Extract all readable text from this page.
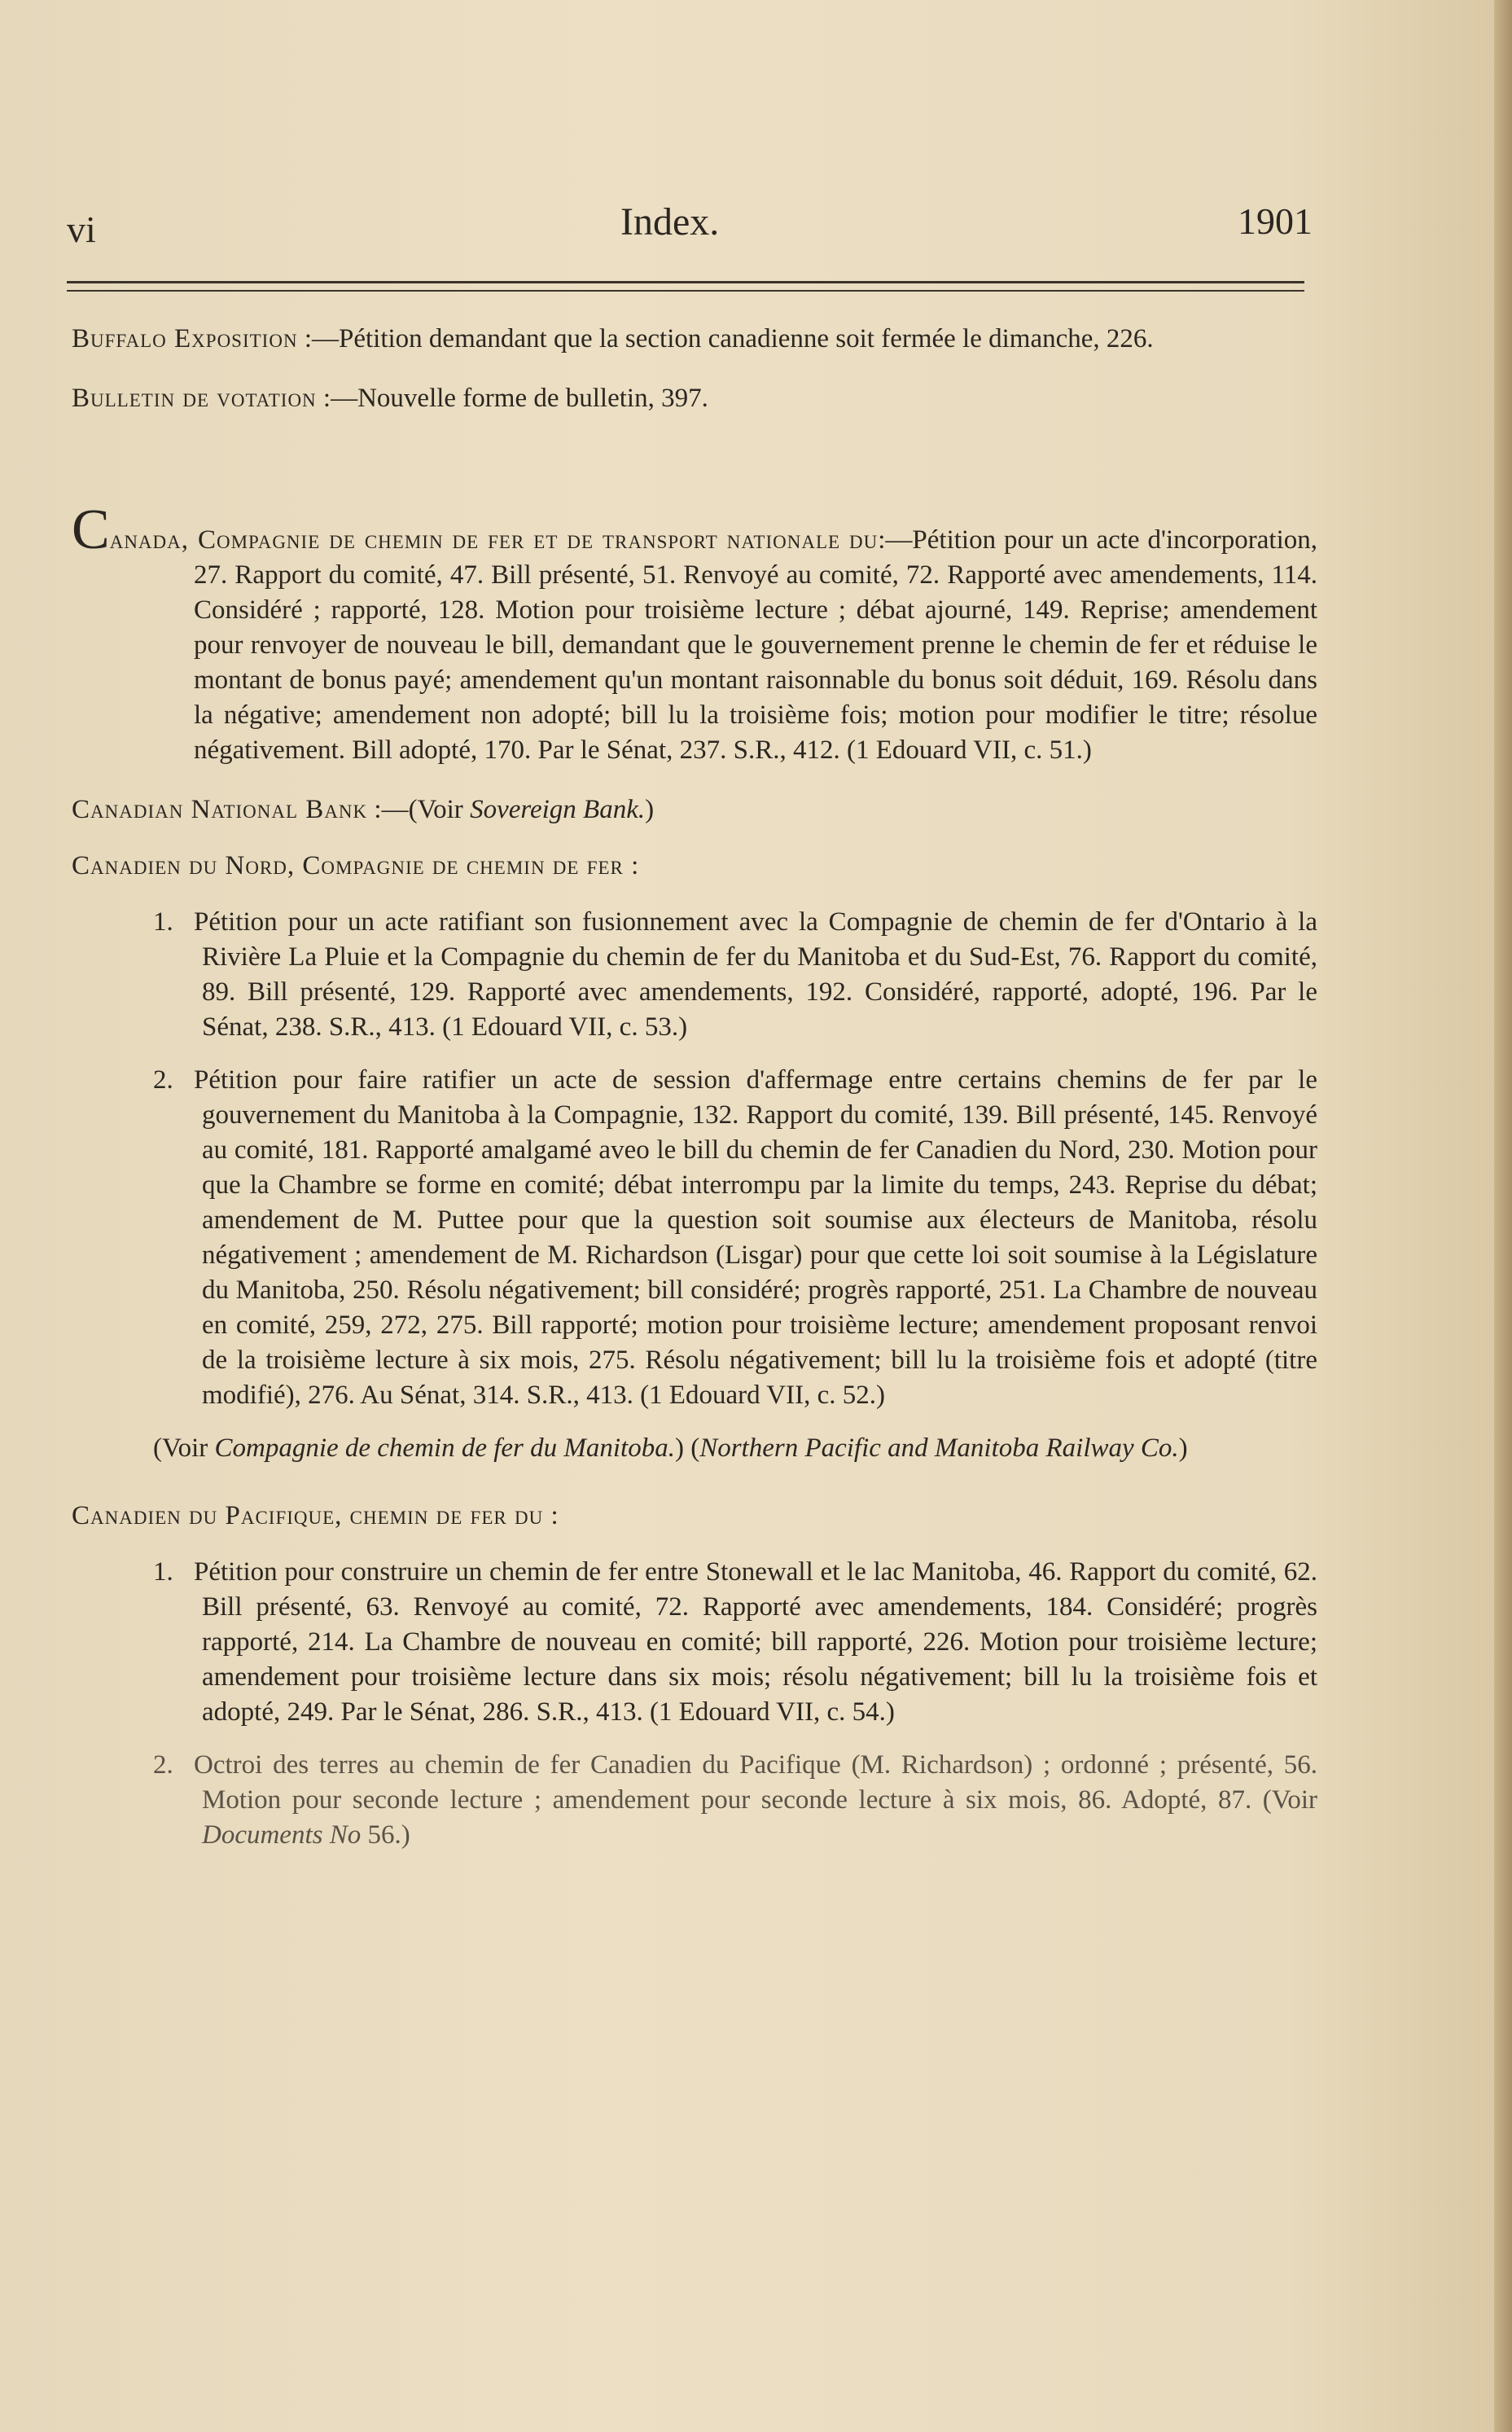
vi	Index.	1901

Buffalo Exposition :—Pétition demandant que la section canadienne soit fermée le dimanche, 226.

Bulletin de votation :—Nouvelle forme de bulletin, 397.

Canada, Compagnie de chemin de fer et de transport nationale du:—Pétition pour un acte d'incorporation, 27. Rapport du comité, 47. Bill présenté, 51. Renvoyé au comité, 72. Rapporté avec amendements, 114. Considéré ; rapporté, 128. Motion pour troisième lecture ; débat ajourné, 149. Reprise; amendement pour renvoyer de nouveau le bill, demandant que le gouvernement prenne le chemin de fer et réduise le montant de bonus payé; amendement qu'un montant raisonnable du bonus soit déduit, 169. Résolu dans la négative; amendement non adopté; bill lu la troisième fois; motion pour modifier le titre; résolue négativement. Bill adopté, 170. Par le Sénat, 237. S.R., 412. (1 Edouard VII, c. 51.)

Canadian National Bank :—(Voir Sovereign Bank.)

Canadien du Nord, Compagnie de chemin de fer :

1. Pétition pour un acte ratifiant son fusionnement avec la Compagnie de chemin de fer d'Ontario à la Rivière La Pluie et la Compagnie du chemin de fer du Manitoba et du Sud-Est, 76. Rapport du comité, 89. Bill présenté, 129. Rapporté avec amendements, 192. Considéré, rapporté, adopté, 196. Par le Sénat, 238. S.R., 413. (1 Edouard VII, c. 53.)

2. Pétition pour faire ratifier un acte de session d'affermage entre certains chemins de fer par le gouvernement du Manitoba à la Compagnie, 132. Rapport du comité, 139. Bill présenté, 145. Renvoyé au comité, 181. Rapporté amalgamé aveo le bill du chemin de fer Canadien du Nord, 230. Motion pour que la Chambre se forme en comité; débat interrompu par la limite du temps, 243. Reprise du débat; amendement de M. Puttee pour que la question soit soumise aux électeurs de Manitoba, résolu négativement ; amendement de M. Richardson (Lisgar) pour que cette loi soit soumise à la Législature du Manitoba, 250. Résolu négativement; bill considéré; progrès rapporté, 251. La Chambre de nouveau en comité, 259, 272, 275. Bill rapporté; motion pour troisième lecture; amendement proposant renvoi de la troisième lecture à six mois, 275. Résolu négativement; bill lu la troisième fois et adopté (titre modifié), 276. Au Sénat, 314. S.R., 413. (1 Edouard VII, c. 52.)

(Voir Compagnie de chemin de fer du Manitoba.) (Northern Pacific and Manitoba Railway Co.)

Canadien du Pacifique, chemin de fer du :

1. Pétition pour construire un chemin de fer entre Stonewall et le lac Manitoba, 46. Rapport du comité, 62. Bill présenté, 63. Renvoyé au comité, 72. Rapporté avec amendements, 184. Considéré; progrès rapporté, 214. La Chambre de nouveau en comité; bill rapporté, 226. Motion pour troisième lecture; amendement pour troisième lecture dans six mois; résolu négativement; bill lu la troisième fois et adopté, 249. Par le Sénat, 286. S.R., 413. (1 Edouard VII, c. 54.)

2. Octroi des terres au chemin de fer Canadien du Pacifique (M. Richardson) ; ordonné ; présenté, 56. Motion pour seconde lecture ; amendement pour seconde lecture à six mois, 86. Adopté, 87. (Voir Documents No 56.)
